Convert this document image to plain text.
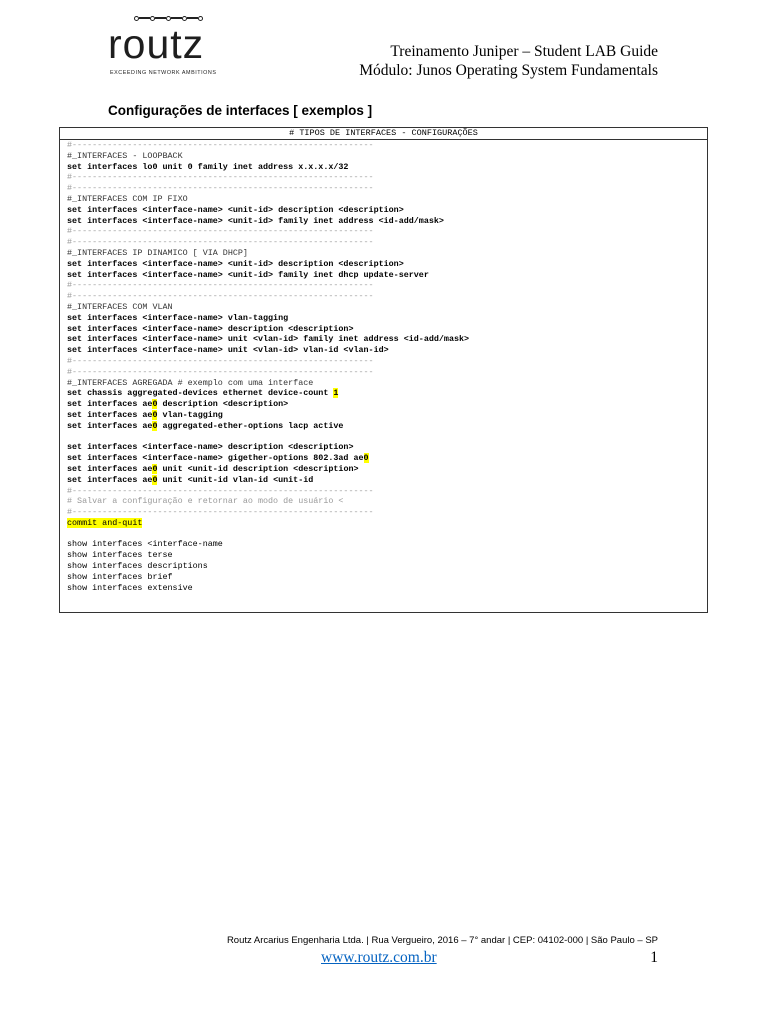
routz
EXCEEDING NETWORK AMBITIONS
Treinamento Juniper – Student LAB Guide
Módulo: Junos Operating System Fundamentals
Configurações de interfaces [ exemplos ]
# TIPOS DE INTERFACES - CONFIGURAÇÕES
#------------------------------------------------------------
#_INTERFACES - LOOPBACK
set interfaces lo0 unit 0 family inet address x.x.x.x/32
#------------------------------------------------------------
#------------------------------------------------------------
#_INTERFACES COM IP FIXO
set interfaces <interface-name> <unit-id> description <description>
set interfaces <interface-name> <unit-id> family inet address <id-add/mask>
#------------------------------------------------------------
#------------------------------------------------------------
#_INTERFACES IP DINAMICO [ VIA DHCP]
set interfaces <interface-name> <unit-id> description <description>
set interfaces <interface-name> <unit-id> family inet dhcp update-server
#------------------------------------------------------------
#------------------------------------------------------------
#_INTERFACES COM VLAN
set interfaces <interface-name> vlan-tagging
set interfaces <interface-name> description <description>
set interfaces <interface-name> unit <vlan-id> family inet address <id-add/mask>
set interfaces <interface-name> unit <vlan-id> vlan-id <vlan-id>
#------------------------------------------------------------
#------------------------------------------------------------
#_INTERFACES AGREGADA # exemplo com uma interface
set chassis aggregated-devices ethernet device-count 1
set interfaces ae0 description <description>
set interfaces ae0 vlan-tagging
set interfaces ae0 aggregated-ether-options lacp active
set interfaces <interface-name> description <description>
set interfaces <interface-name> gigether-options 802.3ad ae0
set interfaces ae0 unit <unit-id description <description>
set interfaces ae0 unit <unit-id vlan-id <unit-id
#------------------------------------------------------------
# Salvar a configuração e retornar ao modo de usuário <
#------------------------------------------------------------
commit and-quit
show interfaces <interface-name
show interfaces terse
show interfaces descriptions
show interfaces brief
show interfaces extensive
Routz Arcarius Engenharia Ltda. | Rua Vergueiro, 2016 – 7° andar | CEP: 04102-000 | São Paulo – SP
www.routz.com.br	1
